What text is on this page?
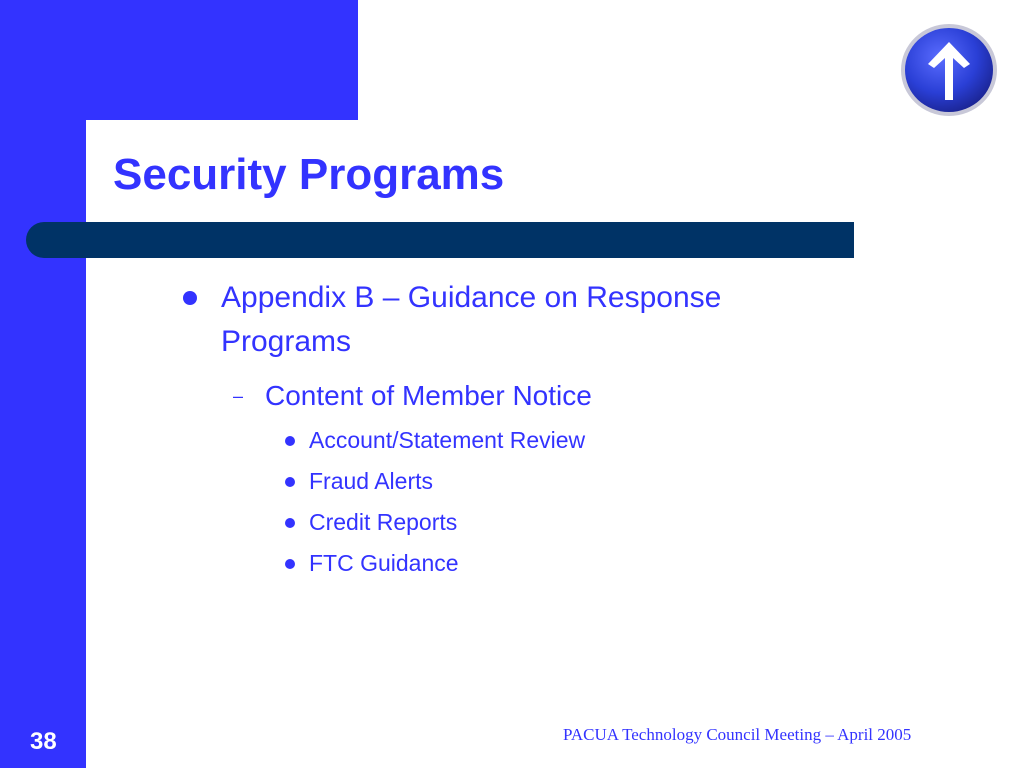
Security Programs
Appendix B – Guidance on Response
Programs
– Content of Member Notice
Account/Statement Review
Fraud Alerts
Credit Reports
FTC Guidance
38	PACUA Technology Council Meeting – April 2005
